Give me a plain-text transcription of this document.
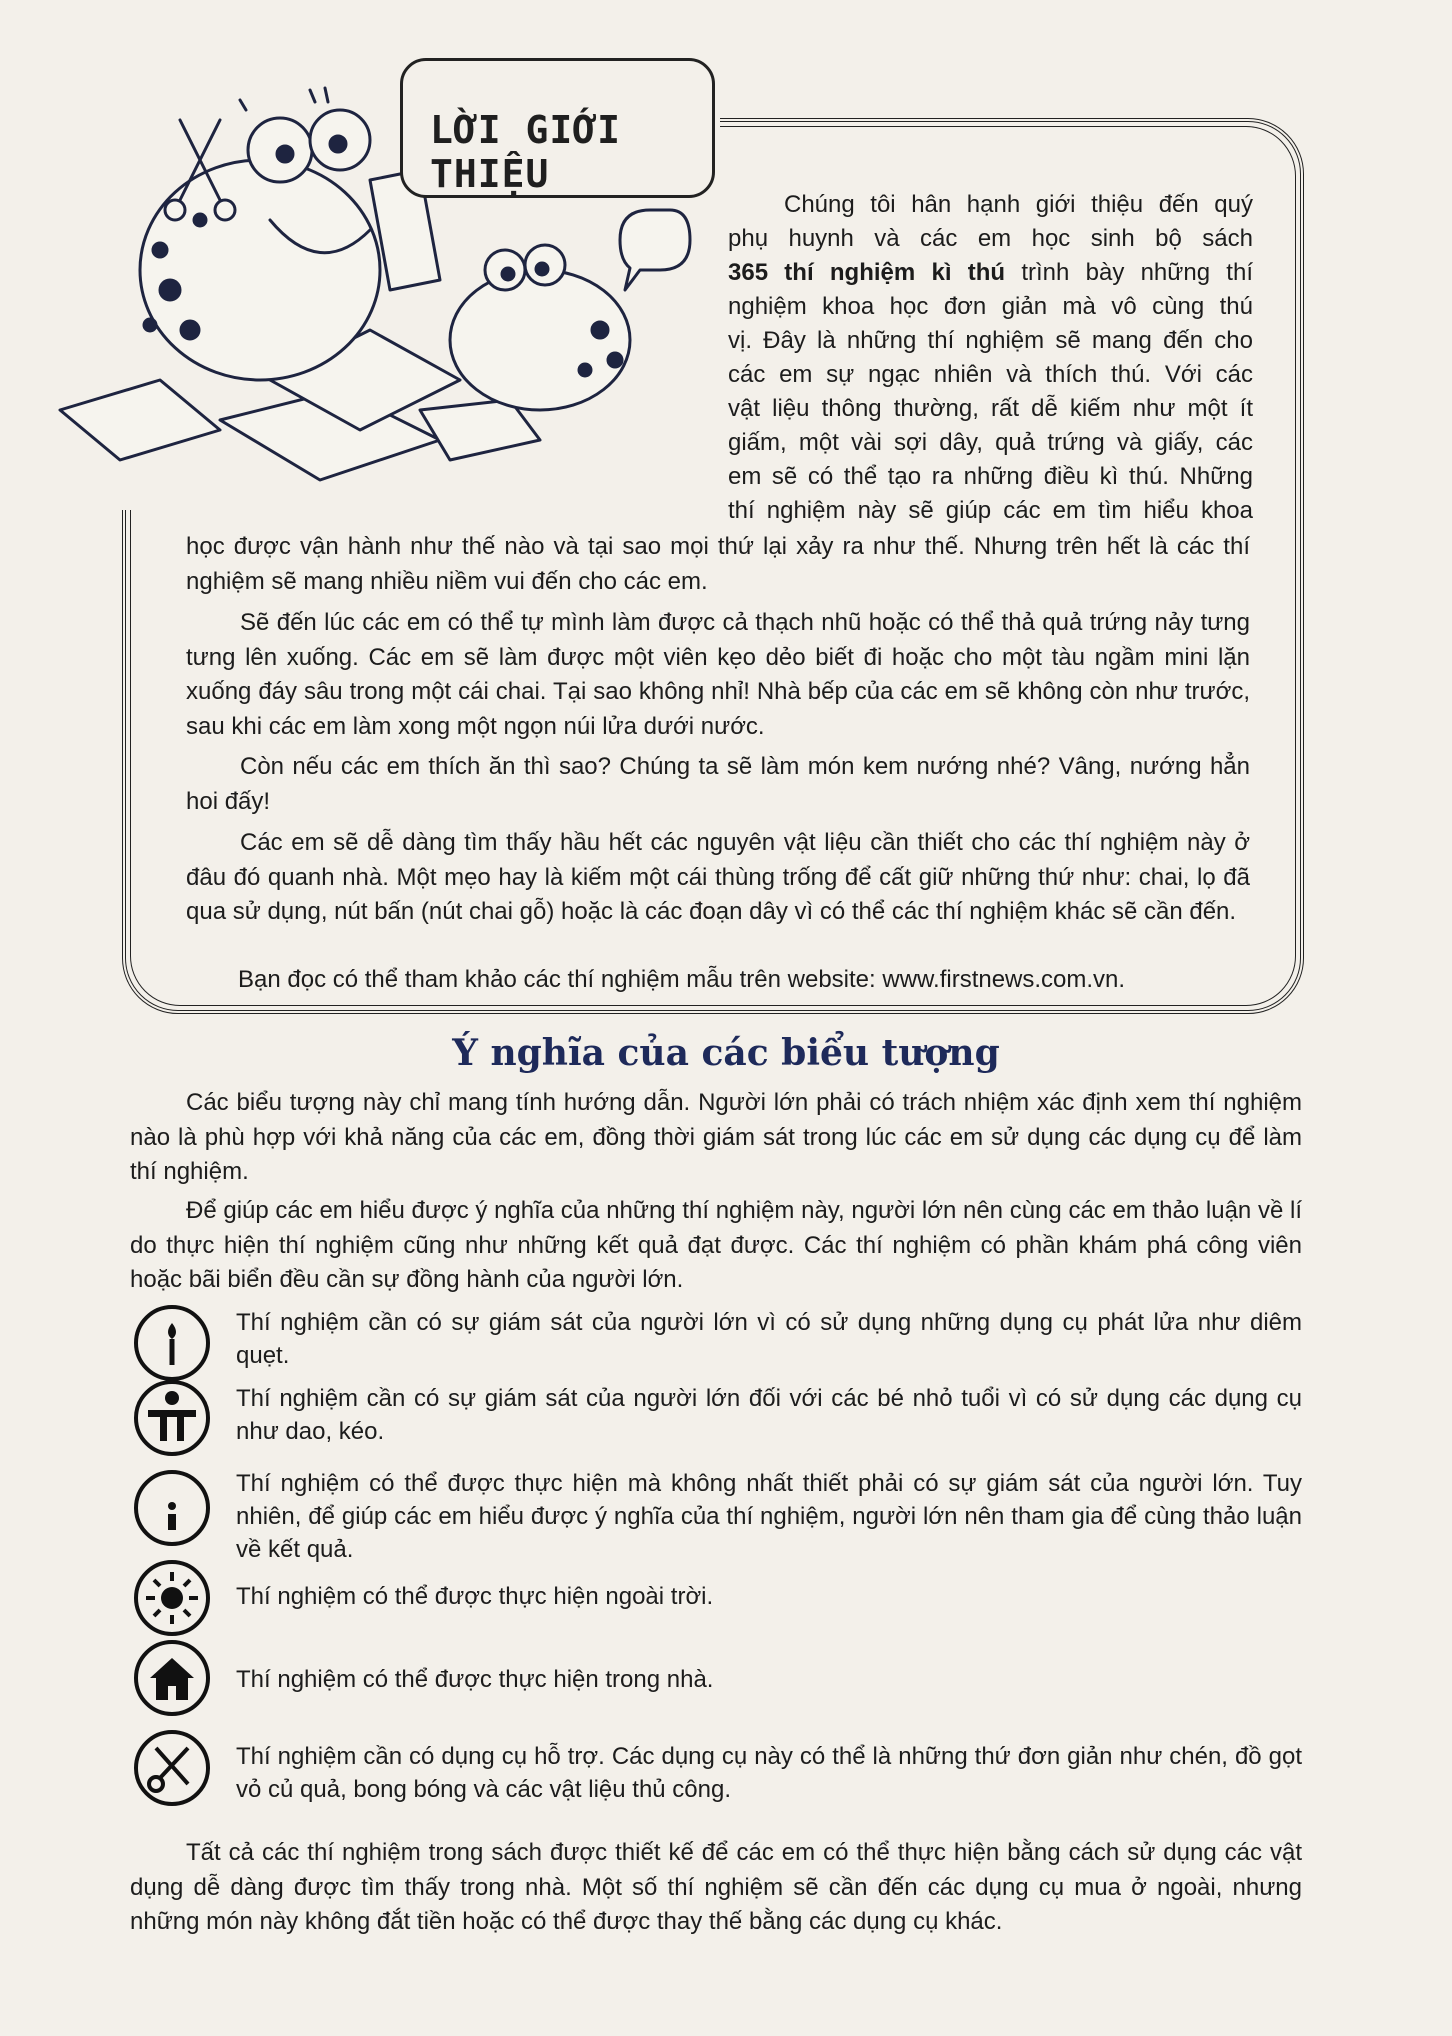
LỜI GIỚI THIỆU
Chúng tôi hân hạnh giới thiệu đến quý
phụ huynh và các em học sinh bộ sách
365 thí nghiệm kì thú trình bày những thí
nghiệm khoa học đơn giản mà vô cùng thú
vị. Đây là những thí nghiệm sẽ mang đến cho
các em sự ngạc nhiên và thích thú. Với các
vật liệu thông thường, rất dễ kiếm như một ít
giấm, một vài sợi dây, quả trứng và giấy, các
em sẽ có thể tạo ra những điều kì thú. Những
thí nghiệm này sẽ giúp các em tìm hiểu khoa
học được vận hành như thế nào và tại sao mọi thứ lại xảy ra như thế. Nhưng trên hết là các thí nghiệm sẽ mang nhiều niềm vui đến cho các em.
Sẽ đến lúc các em có thể tự mình làm được cả thạch nhũ hoặc có thể thả quả trứng nảy tưng tưng lên xuống. Các em sẽ làm được một viên kẹo dẻo biết đi hoặc cho một tàu ngầm mini lặn xuống đáy sâu trong một cái chai. Tại sao không nhỉ! Nhà bếp của các em sẽ không còn như trước, sau khi các em làm xong một ngọn núi lửa dưới nước.
Còn nếu các em thích ăn thì sao? Chúng ta sẽ làm món kem nướng nhé? Vâng, nướng hẳn hoi đấy!
Các em sẽ dễ dàng tìm thấy hầu hết các nguyên vật liệu cần thiết cho các thí nghiệm này ở đâu đó quanh nhà. Một mẹo hay là kiếm một cái thùng trống để cất giữ những thứ như: chai, lọ đã qua sử dụng, nút bấn (nút chai gỗ) hoặc là các đoạn dây vì có thể các thí nghiệm khác sẽ cần đến.
Bạn đọc có thể tham khảo các thí nghiệm mẫu trên website: www.firstnews.com.vn.
Ý nghĩa của các biểu tượng
Các biểu tượng này chỉ mang tính hướng dẫn. Người lớn phải có trách nhiệm xác định xem thí nghiệm nào là phù hợp với khả năng của các em, đồng thời giám sát trong lúc các em sử dụng các dụng cụ để làm thí nghiệm.
Để giúp các em hiểu được ý nghĩa của những thí nghiệm này, người lớn nên cùng các em thảo luận về lí do thực hiện thí nghiệm cũng như những kết quả đạt được. Các thí nghiệm có phần khám phá công viên hoặc bãi biển đều cần sự đồng hành của người lớn.
Thí nghiệm cần có sự giám sát của người lớn vì có sử dụng những dụng cụ phát lửa như diêm quẹt.
Thí nghiệm cần có sự giám sát của người lớn đối với các bé nhỏ tuổi vì có sử dụng các dụng cụ như dao, kéo.
Thí nghiệm có thể được thực hiện mà không nhất thiết phải có sự giám sát của người lớn. Tuy nhiên, để giúp các em hiểu được ý nghĩa của thí nghiệm, người lớn nên tham gia để cùng thảo luận về kết quả.
Thí nghiệm có thể được thực hiện ngoài trời.
Thí nghiệm có thể được thực hiện trong nhà.
Thí nghiệm cần có dụng cụ hỗ trợ. Các dụng cụ này có thể là những thứ đơn giản như chén, đồ gọt vỏ củ quả, bong bóng và các vật liệu thủ công.
Tất cả các thí nghiệm trong sách được thiết kế để các em có thể thực hiện bằng cách sử dụng các vật dụng dễ dàng được tìm thấy trong nhà. Một số thí nghiệm sẽ cần đến các dụng cụ mua ở ngoài, nhưng những món này không đắt tiền hoặc có thể được thay thế bằng các dụng cụ khác.
